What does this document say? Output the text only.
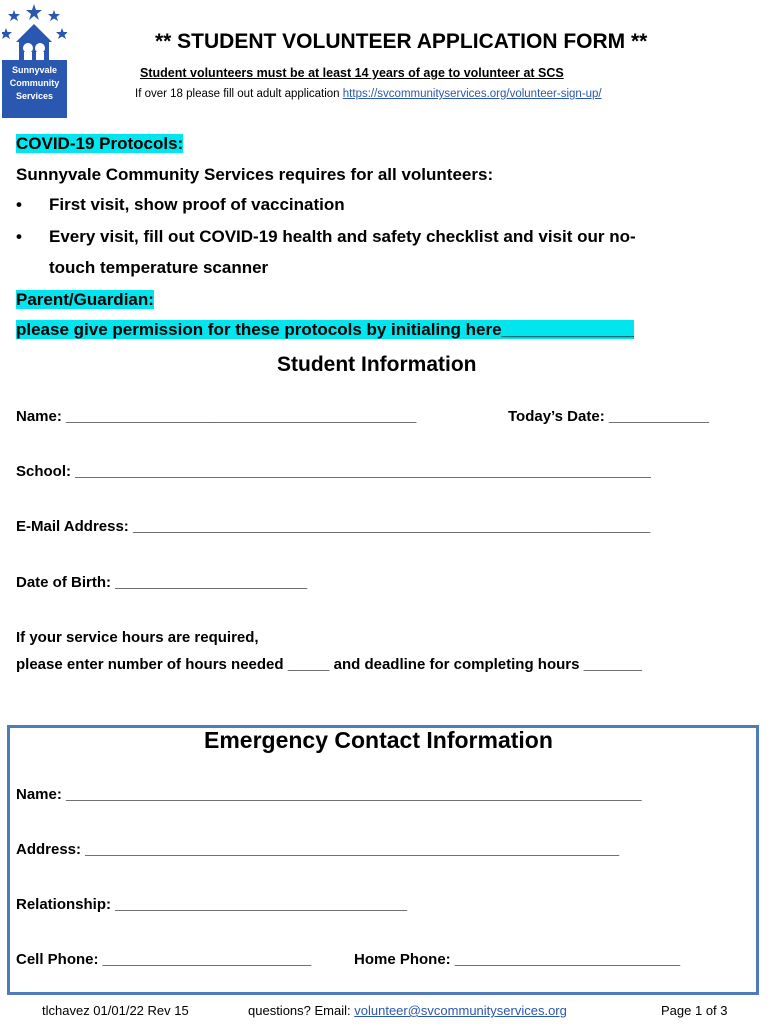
Sunnyvale
Community
Services
** STUDENT VOLUNTEER APPLICATION FORM **
Student volunteers must be at least 14 years of age to volunteer at SCS
If over 18 please fill out adult application https://svcommunityservices.org/volunteer-sign-up/
COVID-19 Protocols:
Sunnyvale Community Services requires for all volunteers:
• First visit, show proof of vaccination
• Every visit, fill out COVID-19 health and safety checklist and visit our no-
touch temperature scanner
Parent/Guardian:
please give permission for these protocols by initialing here______________
Student Information
Name: __________________________________________	Today’s Date: ____________
School: _____________________________________________________________________
E-Mail Address: ______________________________________________________________
Date of Birth: _______________________
If your service hours are required,
please enter number of hours needed _____ and deadline for completing hours _______
Emergency Contact Information
Name: _____________________________________________________________________
Address: ________________________________________________________________
Relationship: ___________________________________
Cell Phone: _________________________	Home Phone: ___________________________
tlchavez 01/01/22 Rev 15	questions? Email: volunteer@svcommunityservices.org	Page 1 of 3
